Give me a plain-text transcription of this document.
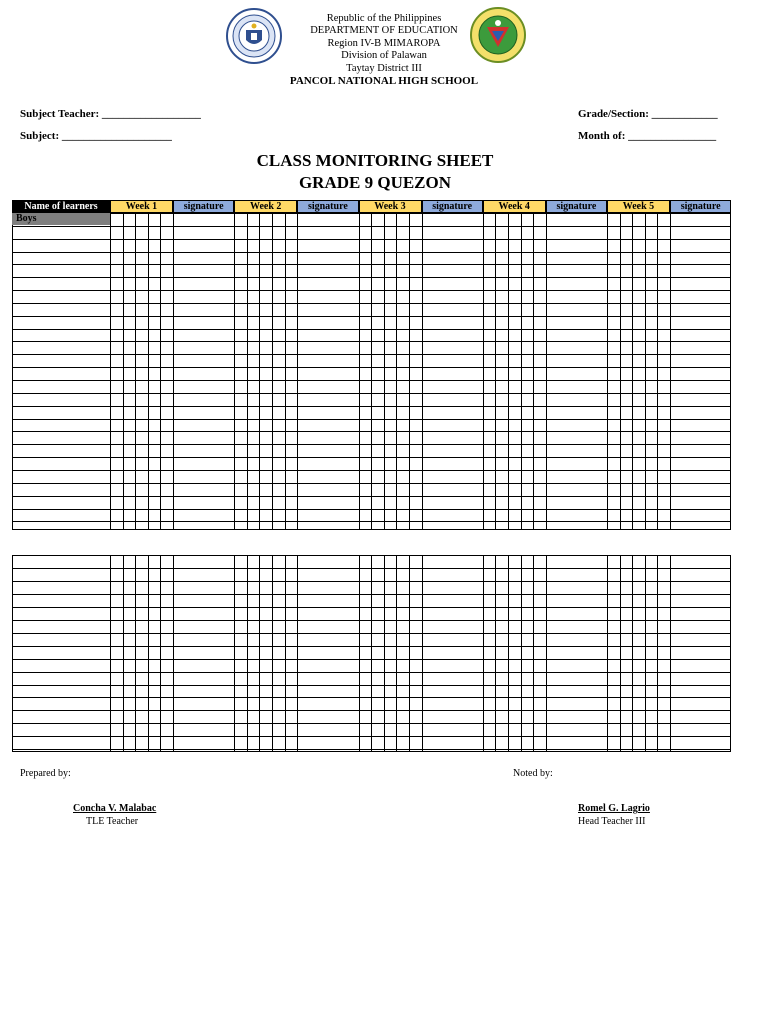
Republic of the Philippines
DEPARTMENT OF EDUCATION
Region IV-B MIMAROPA
Division of Palawan
Taytay District III
PANCOL NATIONAL HIGH SCHOOL
Subject Teacher: __________________
Subject: ____________________
Grade/Section: ____________
Month of: ________________
CLASS MONITORING SHEET
GRADE 9 QUEZON
Name of learners	Week 1	signature	Week 2	signature	Week 3	signature	Week 4	signature	Week 5	signature
Boys
Prepared by:	Noted by:
Concha V. Malabac
TLE Teacher
Romel G. Lagrio
Head Teacher III
